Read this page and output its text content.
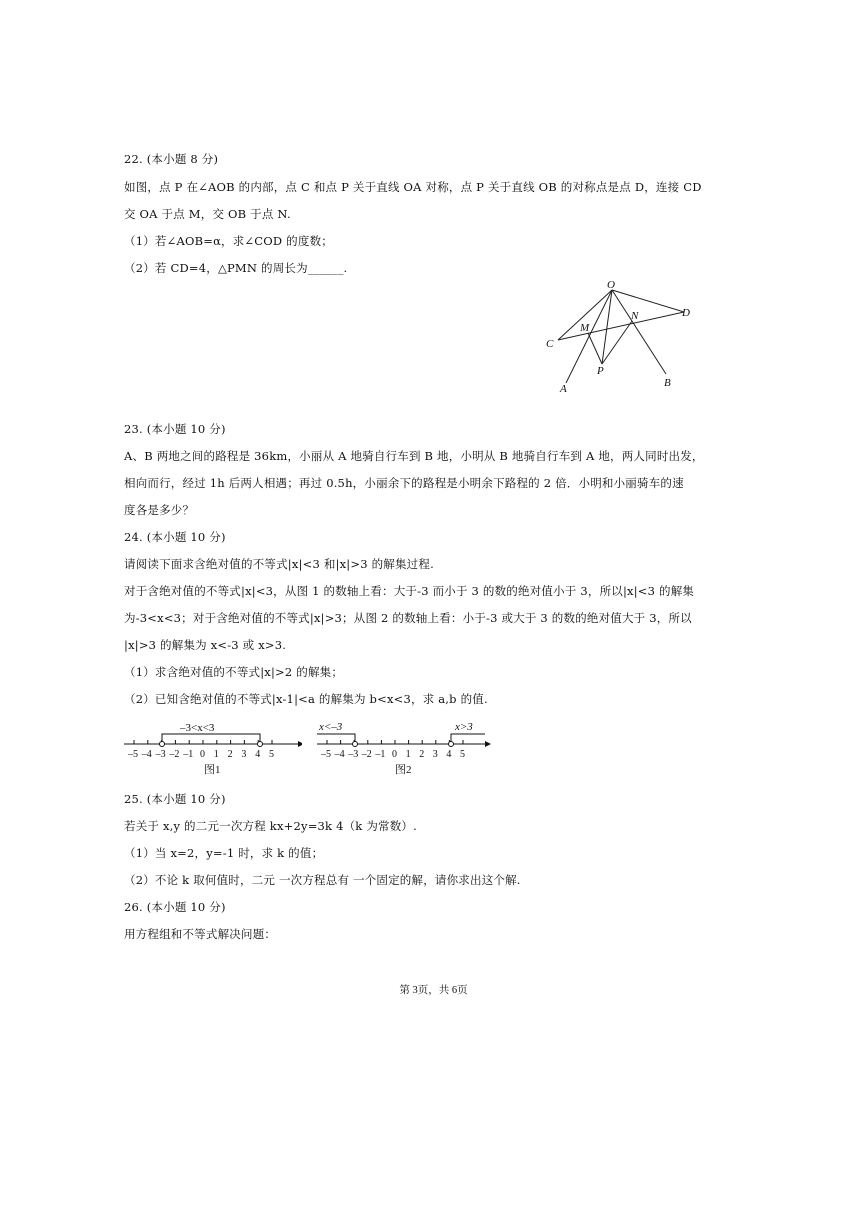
22. (本小题 8 分)
如图，点 P 在∠AOB 的内部，点 C 和点 P 关于直线 OA 对称，点 P 关于直线 OB 的对称点是点 D，连接 CD
交 OA 于点 M，交 OB 于点 N.
（1）若∠AOB=α，求∠COD 的度数；
（2）若 CD=4，△PMN 的周长为______.
O
D
M
N
C
P
A	B
23. (本小题 10 分)
A、B 两地之间的路程是 36km，小丽从 A 地骑自行车到 B 地，小明从 B 地骑自行车到 A 地，两人同时出发，
相向而行，经过 1h 后两人相遇；再过 0.5h，小丽余下的路程是小明余下路程的 2 倍．小明和小丽骑车的速
度各是多少？
24. (本小题 10 分)
请阅读下面求含绝对值的不等式|x|<3 和|x|>3 的解集过程.
对于含绝对值的不等式|x|<3，从图 1 的数轴上看：大于-3 而小于 3 的数的绝对值小于 3，所以|x|<3 的解集
为-3<x<3；对于含绝对值的不等式|x|>3；从图 2 的数轴上看：小于-3 或大于 3 的数的绝对值大于 3，所以
|x|>3 的解集为 x<-3 或 x>3.
（1）求含绝对值的不等式|x|>2 的解集；
（2）已知含绝对值的不等式|x-1|<a 的解集为 b<x<3，求 a,b 的值.
–3<x<3
–5 –4 –3 –2 –1 0 1 2 3 4 5
图1
x<–3	x>3
–5 –4 –3 –2 –1 0 1 2 3 4 5
图2
25. (本小题 10 分)
若关于 x,y 的二元一次方程 kx+2y=3k 4（k 为常数）.
（1）当 x=2，y=-1 时，求 k 的值；
（2）不论 k 取何值时，二元 一次方程总有 一个固定的解，请你求出这个解.
26. (本小题 10 分)
用方程组和不等式解决问题：
第 3页，共 6页
